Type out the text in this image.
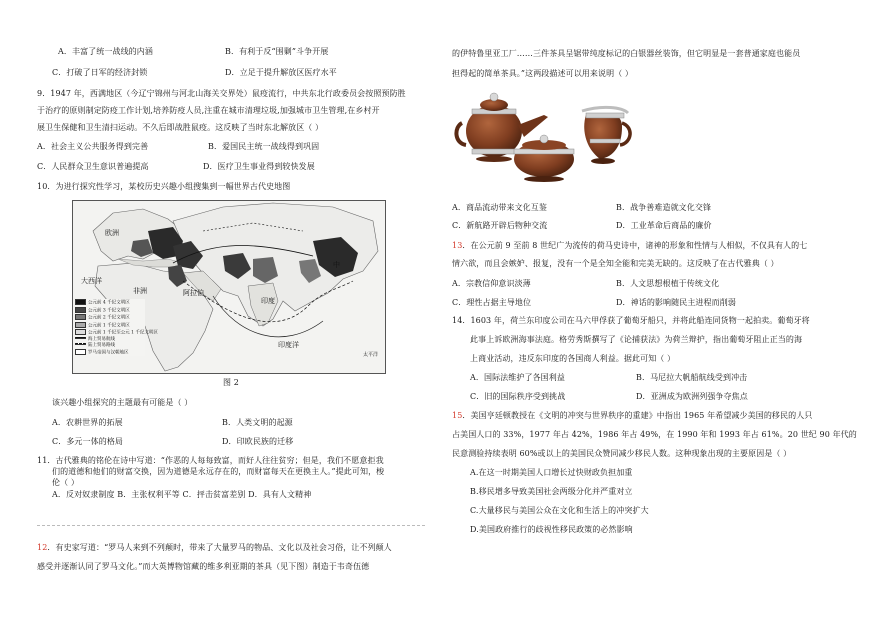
A．丰富了统一战线的内涵	B．有利于反“围剿”斗争开展
C．打破了日军的经济封锁	D．立足于提升解放区医疗水平
9．1947 年，西满地区（今辽宁锦州与河北山海关交界处）鼠疫流行，中共东北行政委员会按照预防胜
于治疗的原则制定防疫工作计划,培养防疫人员,注重在城市清理垃圾,加强城市卫生管理,在乡村开
展卫生保健和卫生清扫运动。不久后即战胜鼠疫。这反映了当时东北解放区（ ）
A．社会主义公共服务得到完善	B．爱国民主统一战线得到巩固
C．人民群众卫生意识普遍提高	D．医疗卫生事业得到较快发展
10．为进行探究性学习，某校历史兴趣小组搜集到一幅世界古代史地图
欧洲
大西洋
非洲	阿拉伯
印度
中
印度洋
太平洋
公元前 4 千纪文明区
公元前 3 千纪文明区
公元前 2 千纪文明区
公元前 1 千纪文明区
公元前 1 千纪至公元 1 千纪文明区
海上贸易航线
陆上贸易路线
罗马帝国与汉朝地区
图 2
该兴趣小组探究的主题最有可能是（ ）
A．农耕世界的拓展	B．人类文明的起源
C．多元一体的格局	D．印欧民族的迁移
11．古代雅典的铭伦在诗中写道：“作恶的人每每致富，而好人往往贫穷；但是，我们不愿意拒我
们的道德和他们的财富交换，因为道德是永远存在的，而财富每天在更换主人。”提此可知，梭
伦（ ）
A．反对奴隶制度 B．主张权利平等 C．抨击贫富差别 D．具有人文精神
12．有史家写道：“罗马人来到不列颠时，带来了大量罗马的物品、文化以及社会习俗，让不列颠人
感受并逐渐认同了罗马文化。”而大英博物馆藏的维多利亚期的茶具（见下图）制造于韦奇伍德
的伊特鲁里亚工厂……三件茶具呈锯带纯度标记的白银器丝装饰，但它明显是一套普通家庭也能员
担得起的简单茶具。”这两段描述可以用来说明（ ）
A．商品流动带来文化互鉴	B．战争善难造就文化交锋
C．新航路开辟后物种交流	D．工业革命后商品的廉价
13．在公元前 9 至前 8 世纪广为流传的荷马史诗中，诸神的形象和性情与人相似，不仅具有人的七
情六欲，而且会嫉妒、报复，没有一个是全知全能和完美无缺的。这反映了在古代雅典（ ）
A．宗教信仰意识淡薄	B．人文思想根植于传统文化
C．理性占据主导地位	D．神话的影响随民主进程而削弱
14．1603 年，荷兰东印度公司在马六甲俘获了葡萄牙船只，并将此船连同货物一起拍卖。葡萄牙将
此事上诉欧洲海事法庭。格劳秀斯撰写了《论捕获法》为荷兰辩护，指出葡萄牙阻止正当的海
上商业活动，违反东印度的各国商人利益。据此可知（ ）
A．国际法维护了各国利益	B．马尼拉大帆船航线受到冲击
C．旧的国际秩序受到挑战	D．亚洲成为欧洲列强争夺焦点
15．美国亨廷顿教授在《文明的冲突与世界秩序的重建》中指出 1965 年希望减少美国的移民的人只
占美国人口的 33%，1977 年占 42%，1986 年占 49%，在 1990 年和 1993 年占 61%。20 世纪 90 年代的
民意测验持续表明 60%或以上的美国民众赞同减少移民人数。这种现象出现的主要原因是（ ）
A.在这一时期美国人口增长过快财政负担加重
B.移民增多导致美国社会两级分化并严重对立
C.大量移民与美国公众在文化和生活上的冲突扩大
D.美国政府推行的歧视性移民政策的必然影响
